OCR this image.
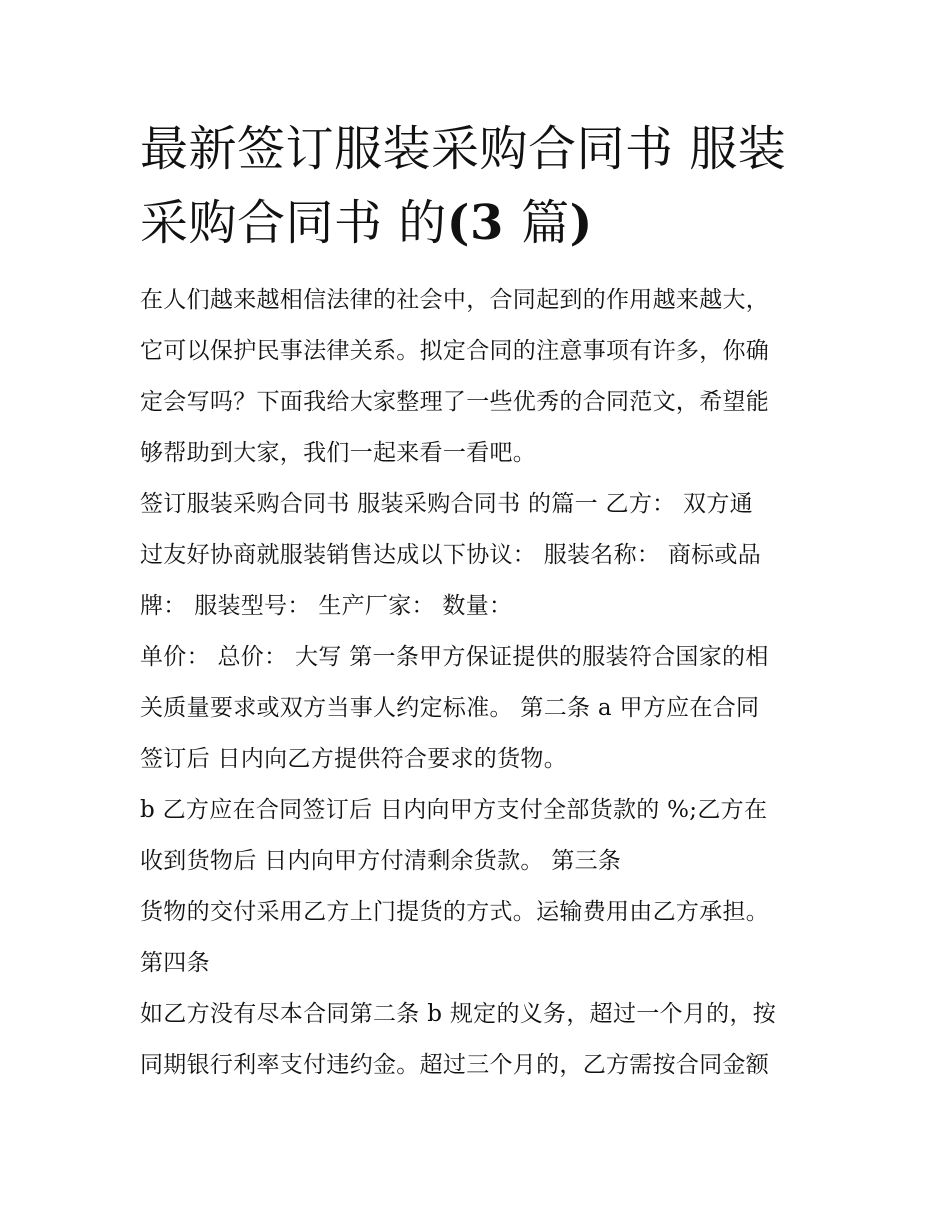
最新签订服装采购合同书 服装
采购合同书 的(3 篇)
在人们越来越相信法律的社会中，合同起到的作用越来越大，
它可以保护民事法律关系。拟定合同的注意事项有许多，你确
定会写吗？下面我给大家整理了一些优秀的合同范文，希望能
够帮助到大家，我们一起来看一看吧。
签订服装采购合同书 服装采购合同书 的篇一 乙方： 双方通
过友好协商就服装销售达成以下协议： 服装名称： 商标或品
牌： 服装型号： 生产厂家： 数量：
单价： 总价： 大写 第一条甲方保证提供的服装符合国家的相
关质量要求或双方当事人约定标准。 第二条 a 甲方应在合同
签订后 日内向乙方提供符合要求的货物。
b 乙方应在合同签订后 日内向甲方支付全部货款的 %;乙方在
收到货物后 日内向甲方付清剩余货款。 第三条
货物的交付采用乙方上门提货的方式。运输费用由乙方承担。
第四条
如乙方没有尽本合同第二条 b 规定的义务，超过一个月的，按
同期银行利率支付违约金。超过三个月的，乙方需按合同金额
